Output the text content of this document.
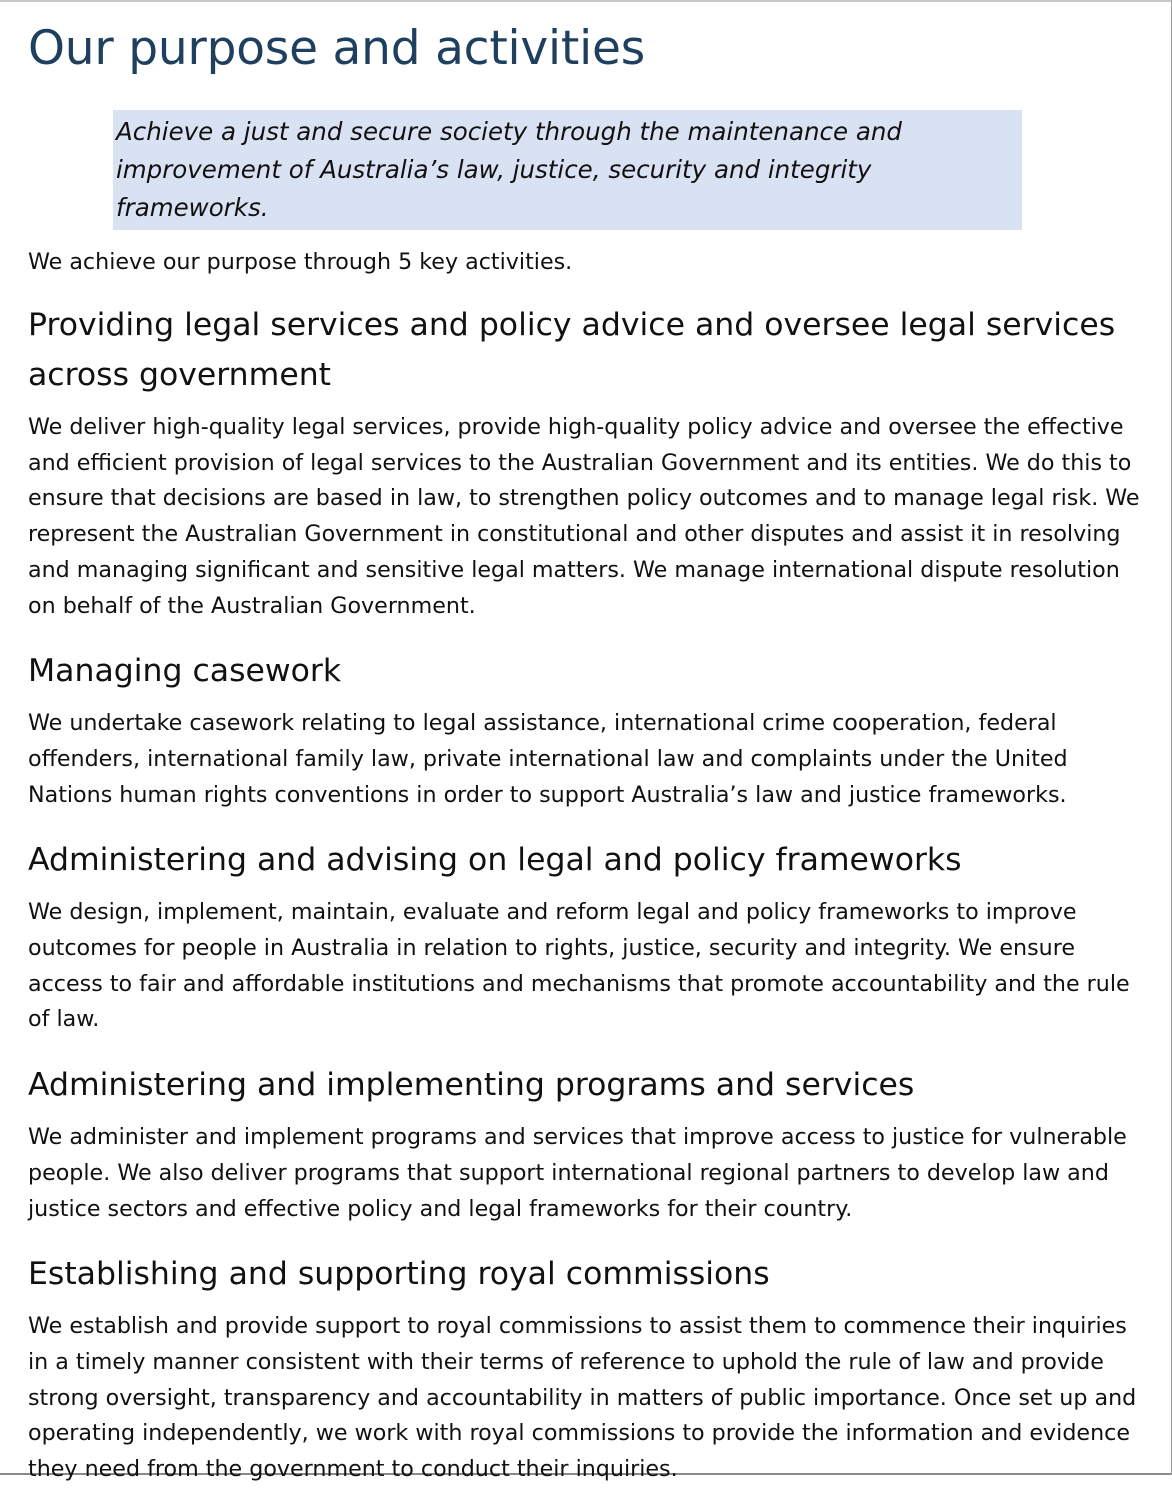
Our purpose and activities
Achieve a just and secure society through the maintenance and improvement of Australia’s law, justice, security and integrity frameworks.

We achieve our purpose through 5 key activities.

Providing legal services and policy advice and oversee legal services across government

We deliver high-quality legal services, provide high-quality policy advice and oversee the effective and efficient provision of legal services to the Australian Government and its entities. We do this to ensure that decisions are based in law, to strengthen policy outcomes and to manage legal risk. We represent the Australian Government in constitutional and other disputes and assist it in resolving and managing significant and sensitive legal matters. We manage international dispute resolution on behalf of the Australian Government.

Managing casework

We undertake casework relating to legal assistance, international crime cooperation, federal offenders, international family law, private international law and complaints under the United Nations human rights conventions in order to support Australia’s law and justice frameworks.

Administering and advising on legal and policy frameworks

We design, implement, maintain, evaluate and reform legal and policy frameworks to improve outcomes for people in Australia in relation to rights, justice, security and integrity. We ensure access to fair and affordable institutions and mechanisms that promote accountability and the rule of law.

Administering and implementing programs and services

We administer and implement programs and services that improve access to justice for vulnerable people. We also deliver programs that support international regional partners to develop law and justice sectors and effective policy and legal frameworks for their country.

Establishing and supporting royal commissions

We establish and provide support to royal commissions to assist them to commence their inquiries in a timely manner consistent with their terms of reference to uphold the rule of law and provide strong oversight, transparency and accountability in matters of public importance. Once set up and operating independently, we work with royal commissions to provide the information and evidence they need from the government to conduct their inquiries.
